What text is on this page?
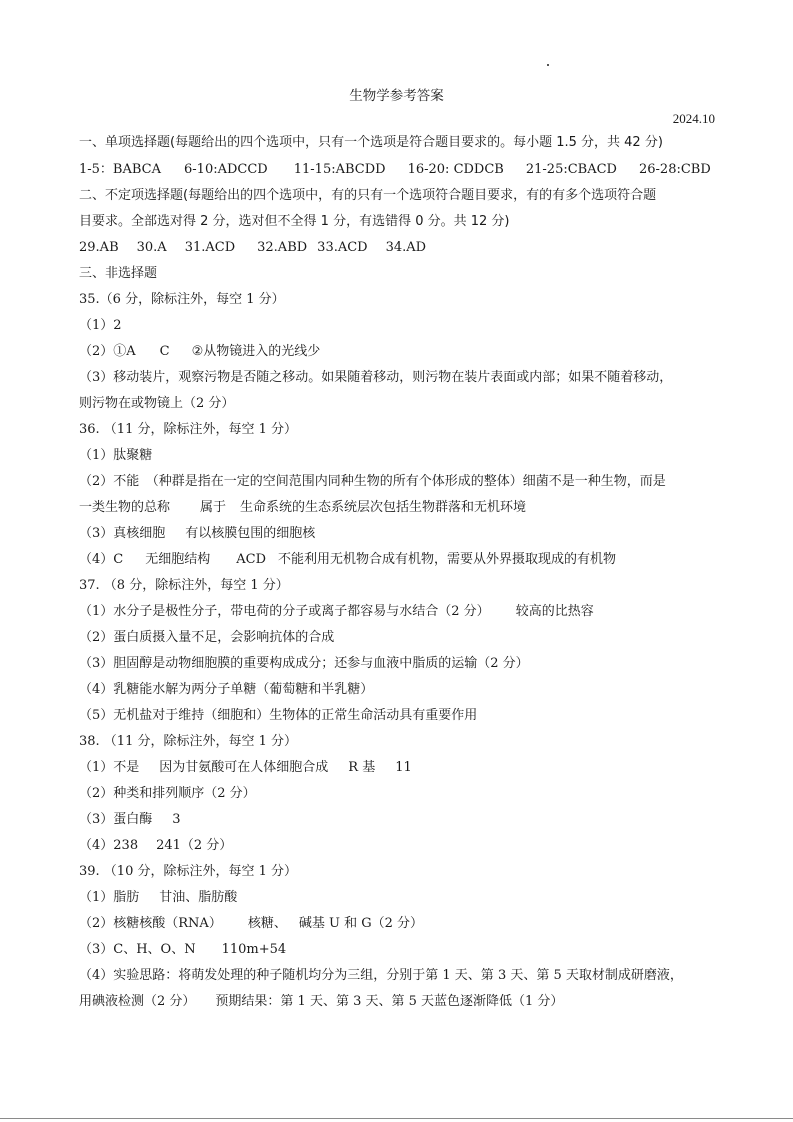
生物学参考答案
2024.10
一、单项选择题(每题给出的四个选项中，只有一个选项是符合题目要求的。每小题 1.5 分，共 42 分)
1-5：BABCA 6-10:ADCCD 11-15:ABCDD 16-20: CDDCB 21-25:CBACD 26-28:CBD
二、不定项选择题(每题给出的四个选项中，有的只有一个选项符合题目要求，有的有多个选项符合题
目要求。全部选对得 2 分，选对但不全得 1 分，有选错得 0 分。共 12 分)
29.AB 30.A 31.ACD 32.ABD 33.ACD 34.AD
三、非选择题
35.（6 分，除标注外，每空 1 分）
（1）2
（2）①A C ②从物镜进入的光线少
（3）移动装片，观察污物是否随之移动。如果随着移动，则污物在装片表面或内部；如果不随着移动，
则污物在或物镜上（2 分）
36. （11 分，除标注外，每空 1 分）
（1）肽聚糖
（2）不能　（种群是指在一定的空间范围内同种生物的所有个体形成的整体）细菌不是一种生物，而是
一类生物的总称 属于 生命系统的生态系统层次包括生物群落和无机环境
（3）真核细胞 有以核膜包围的细胞核
（4）C 无细胞结构 ACD 不能利用无机物合成有机物，需要从外界摄取现成的有机物
37. （8 分，除标注外，每空 1 分）
（1）水分子是极性分子，带电荷的分子或离子都容易与水结合（2 分） 较高的比热容
（2）蛋白质摄入量不足，会影响抗体的合成
（3）胆固醇是动物细胞膜的重要构成成分；还参与血液中脂质的运输（2 分）
（4）乳糖能水解为两分子单糖（葡萄糖和半乳糖）
（5）无机盐对于维持（细胞和）生物体的正常生命活动具有重要作用
38. （11 分，除标注外，每空 1 分）
（1）不是 因为甘氨酸可在人体细胞合成 R 基 11
（2）种类和排列顺序（2 分）
（3）蛋白酶 3
（4）238 241（2 分）
39. （10 分，除标注外，每空 1 分）
（1）脂肪 甘油、脂肪酸
（2）核糖核酸（RNA） 核糖、 碱基 U 和 G（2 分）
（3）C、H、O、N 110m+54
（4）实验思路：将萌发处理的种子随机均分为三组，分别于第 1 天、第 3 天、第 5 天取材制成研磨液，
用碘液检测（2 分） 预期结果：第 1 天、第 3 天、第 5 天蓝色逐渐降低（1 分）
